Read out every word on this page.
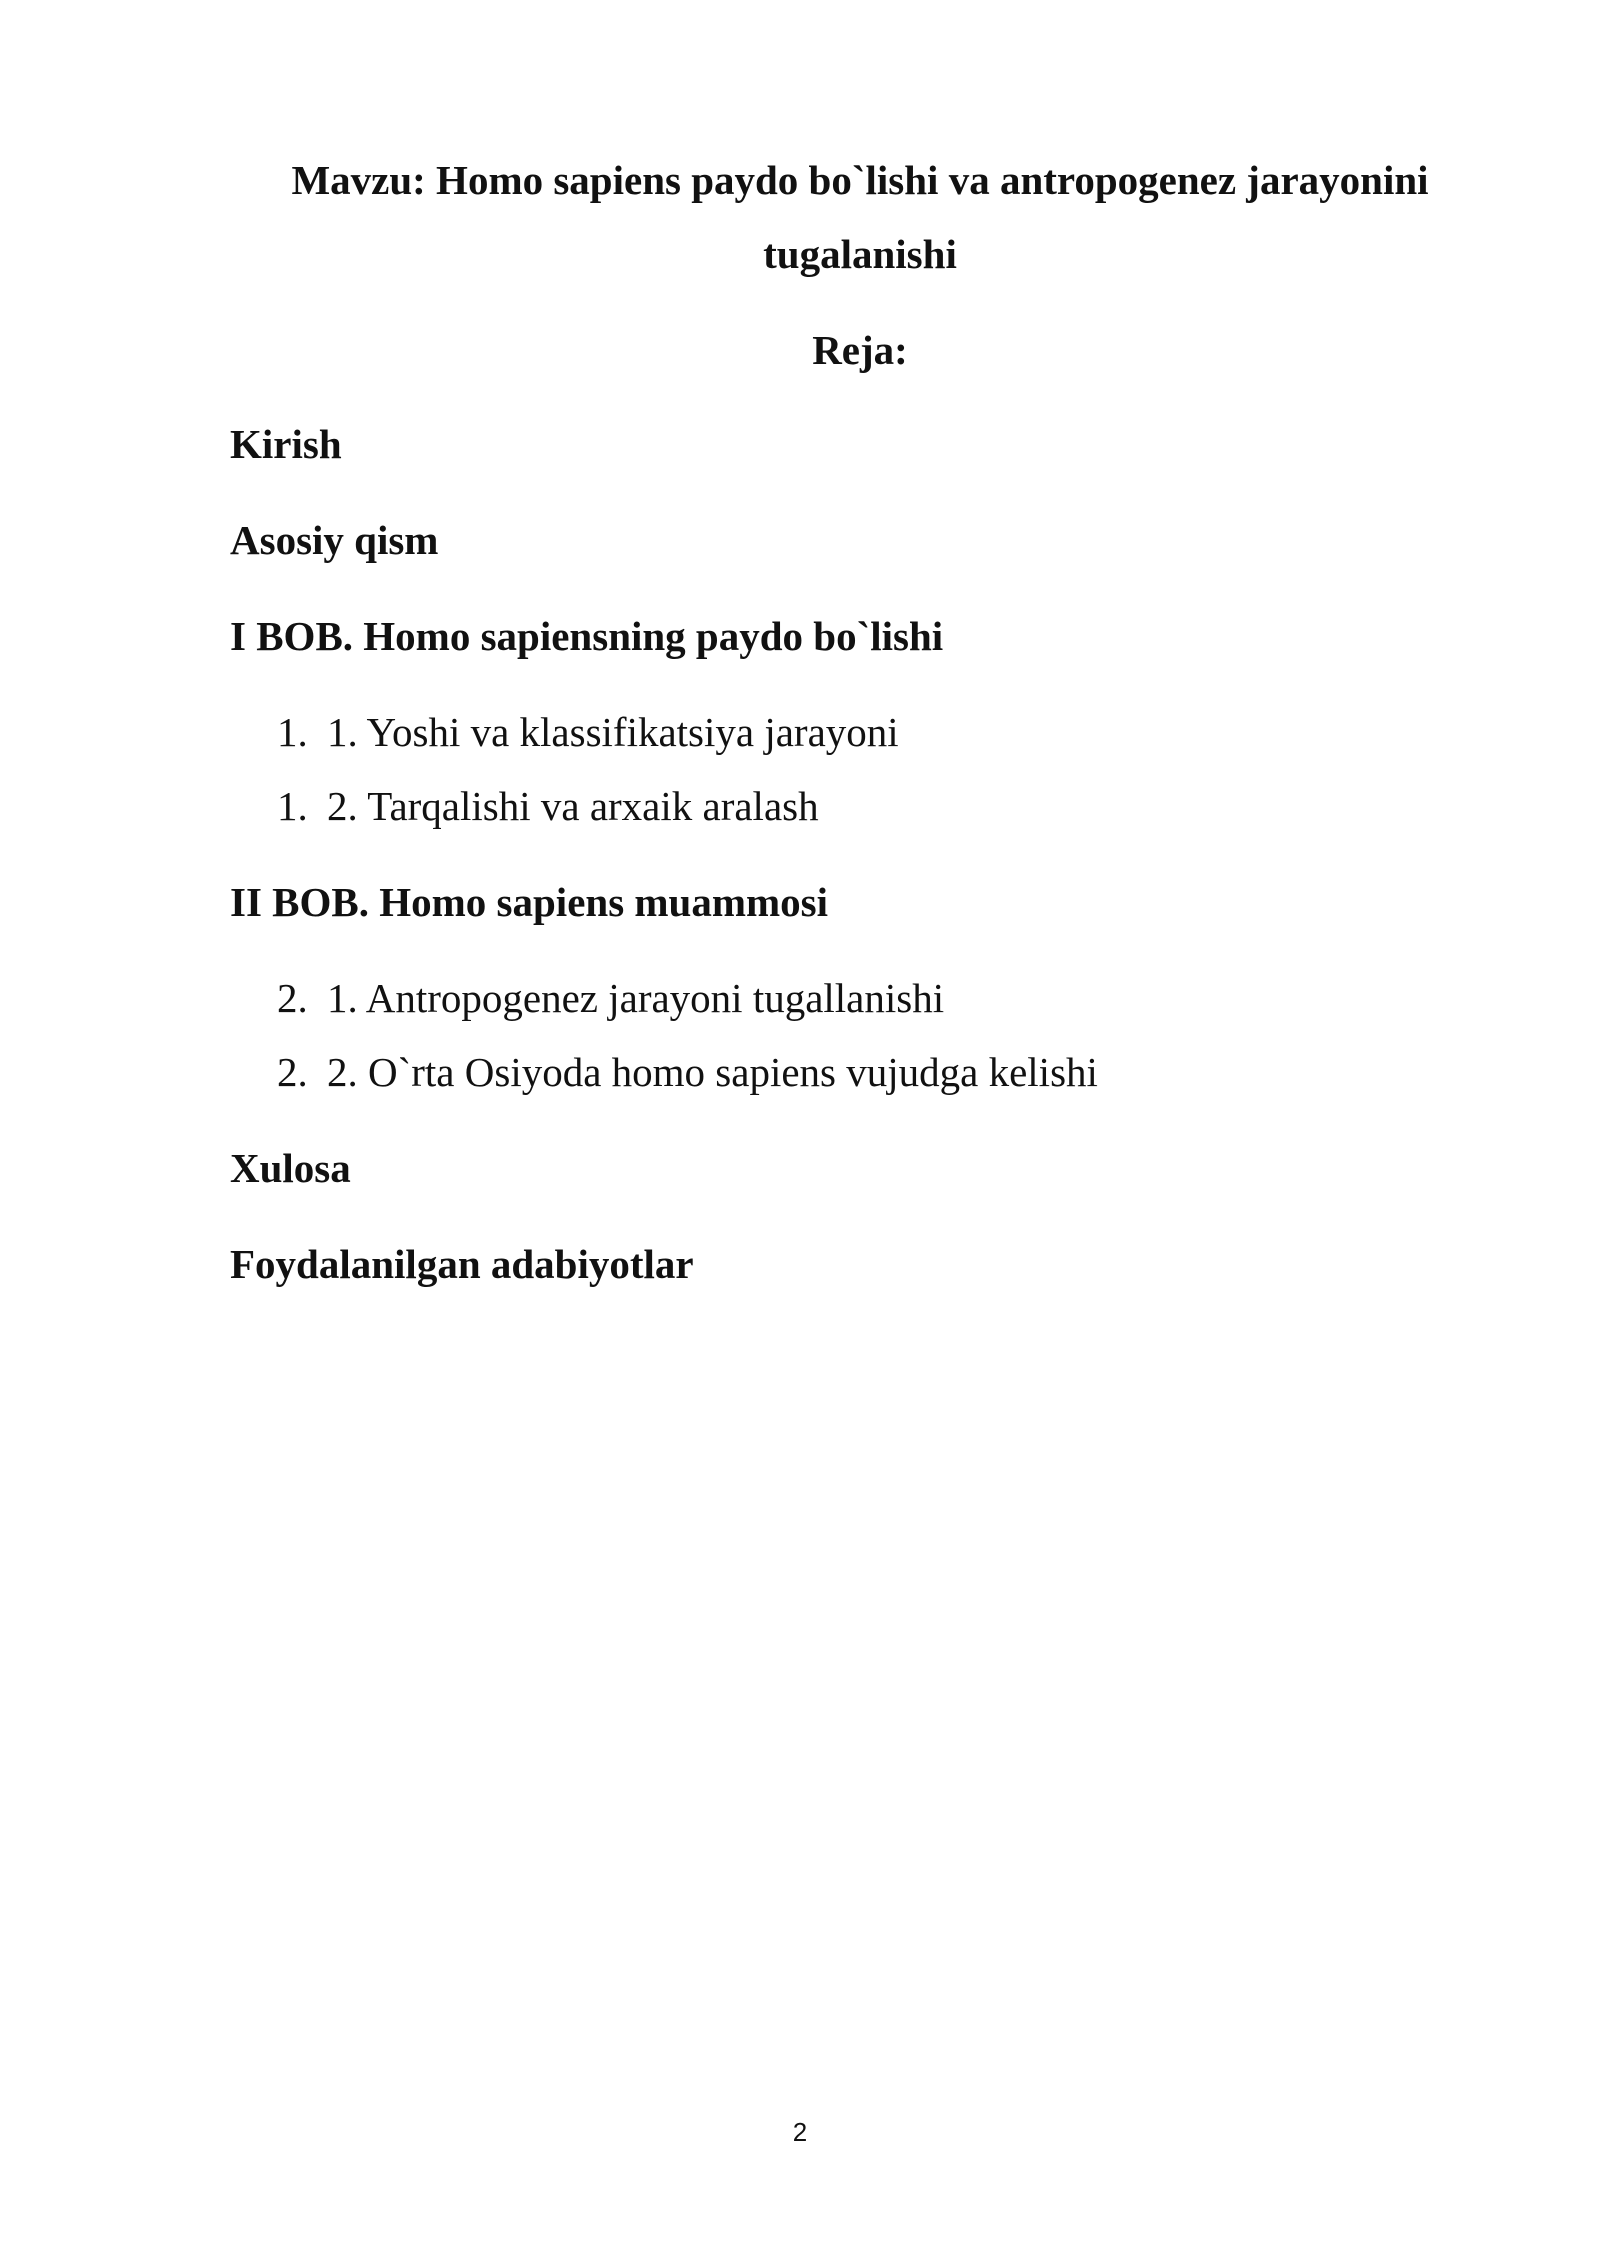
Mavzu: Homo sapiens paydo bo`lishi va antropogenez jarayonini tugalanishi
Reja:

Kirish

Asosiy qism

I BOB. Homo sapiensning paydo bo`lishi

1. 1. Yoshi va klassifikatsiya jarayoni

1. 2. Tarqalishi va arxaik aralash

II BOB. Homo sapiens muammosi

2. 1. Antropogenez jarayoni tugallanishi

2. 2. O`rta Osiyoda homo sapiens vujudga kelishi

Xulosa

Foydalanilgan adabiyotlar

2
